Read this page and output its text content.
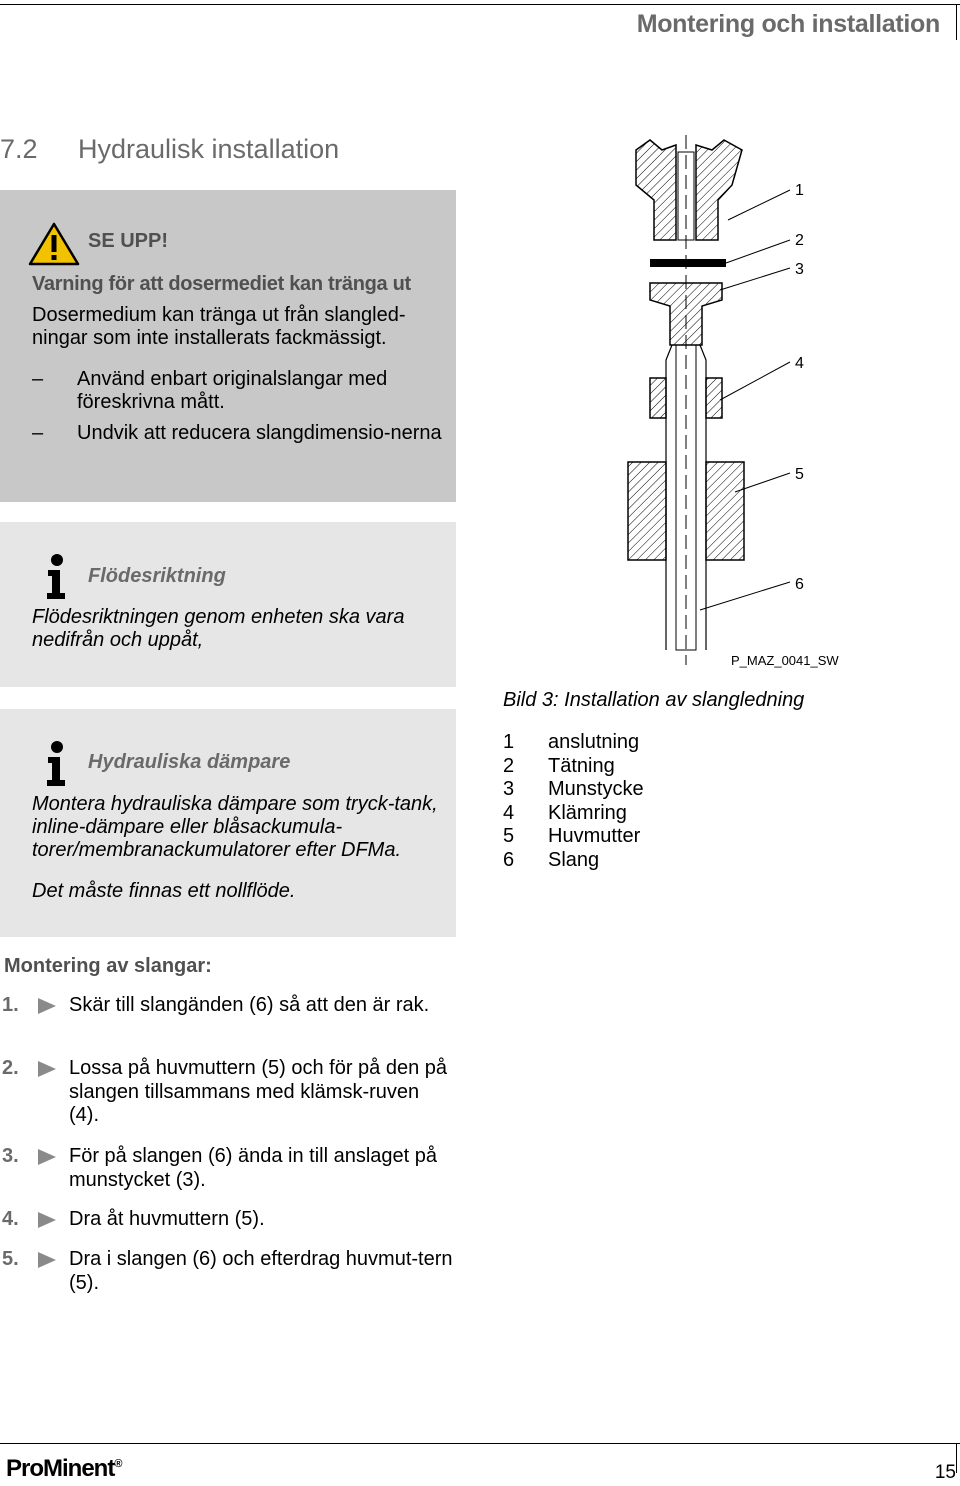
Montering och installation
7.2 Hydraulisk installation
SE UPP!
Varning för att dosermediet kan tränga ut
Dosermedium kan tränga ut från slangled-ningar som inte installerats fackmässigt.
– Använd enbart originalslangar med föreskrivna mått.
– Undvik att reducera slangdimensio-nerna
Flödesriktning
Flödesriktningen genom enheten ska vara nedifrån och uppåt,
Hydrauliska dämpare
Montera hydrauliska dämpare som tryck-tank, inline-dämpare eller blåsackumula-torer/membranackumulatorer efter DFMa.
Det måste finnas ett nollflöde.
1
2
3
4
5
6
P_MAZ_0041_SW
Bild 3: Installation av slangledning
1 anslutning
2 Tätning
3 Munstycke
4 Klämring
5 Huvmutter
6 Slang
Montering av slangar:
1.	Skär till slangänden (6) så att den är rak.
2.	Lossa på huvmuttern (5) och för på den på slangen tillsammans med klämsk-ruven (4).
3.	För på slangen (6) ända in till anslaget på munstycket (3).
4.	Dra åt huvmuttern (5).
5.	Dra i slangen (6) och efterdrag huvmut-tern (5).
ProMinent®	15
